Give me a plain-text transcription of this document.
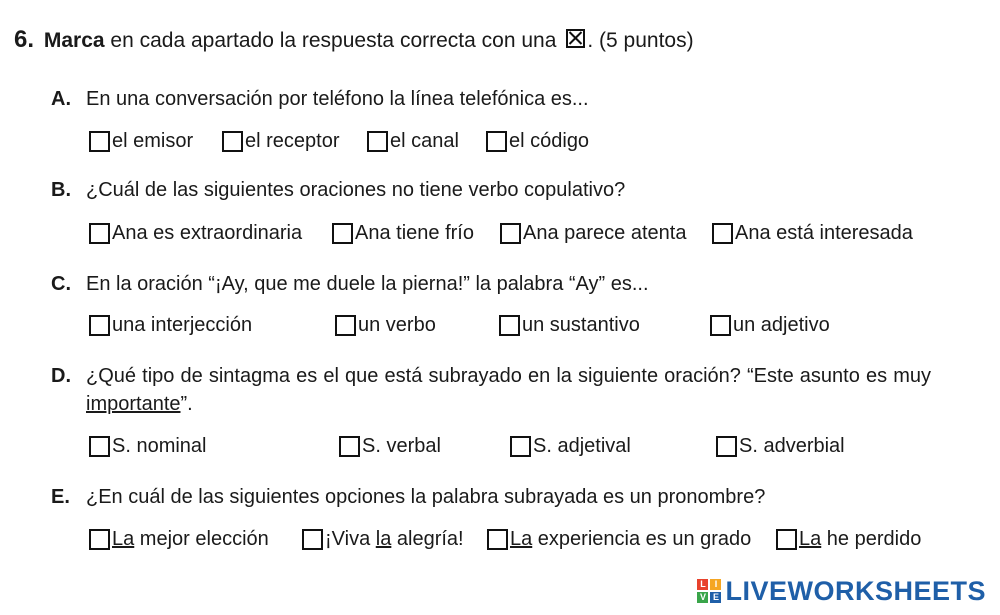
6. Marca en cada apartado la respuesta correcta con una . (5 puntos)
A. En una conversación por teléfono la línea telefónica es...
el emisor	el receptor	el canal	el código
B. ¿Cuál de las siguientes oraciones no tiene verbo copulativo?
Ana es extraordinaria	Ana tiene frío Ana parece atenta Ana está interesada
C. En la oración “¡Ay, que me duele la pierna!” la palabra “Ay” es...
una interjección	un verbo	un sustantivo	un adjetivo
D. ¿Qué tipo de sintagma es el que está subrayado en la siguiente oración? “Este asunto es muy importante”.
S. nominal	S. verbal	S. adjetival	S. adverbial
E. ¿En cuál de las siguientes opciones la palabra subrayada es un pronombre?
La mejor elección	¡Viva la alegría! La experiencia es un grado La he perdido
L I
V E LIVEWORKSHEETS
